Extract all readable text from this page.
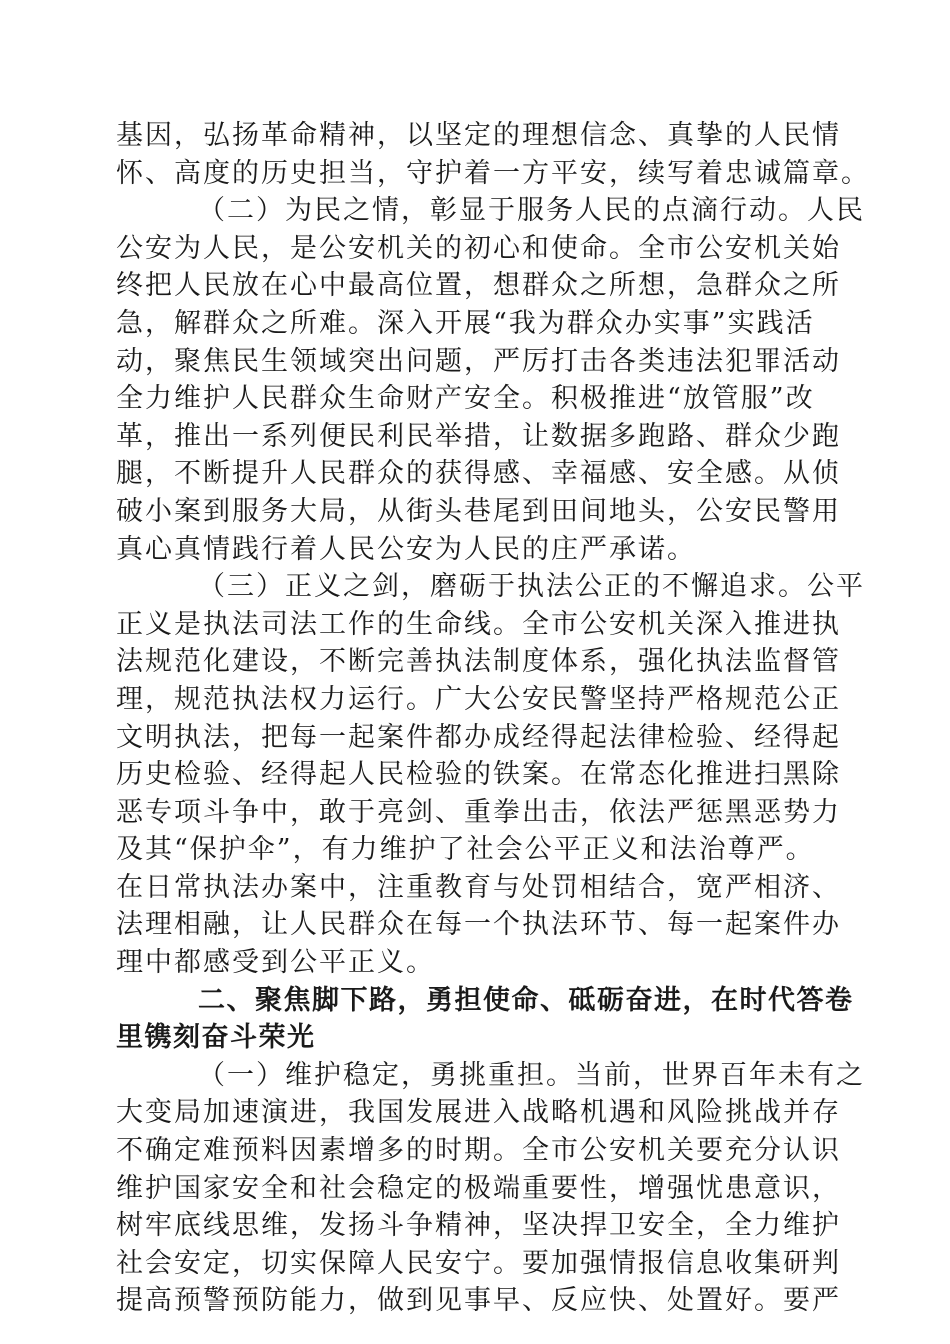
基因，弘扬革命精神，以坚定的理想信念、真挚的人民情
怀、高度的历史担当，守护着一方平安，续写着忠诚篇章。
（二）为民之情，彰显于服务人民的点滴行动。人民
公安为人民，是公安机关的初心和使命。全市公安机关始
终把人民放在心中最高位置，想群众之所想，急群众之所
急，解群众之所难。深入开展“我为群众办实事”实践活
动，聚焦民生领域突出问题，严厉打击各类违法犯罪活动
全力维护人民群众生命财产安全。积极推进“放管服”改
革，推出一系列便民利民举措，让数据多跑路、群众少跑
腿，不断提升人民群众的获得感、幸福感、安全感。从侦
破小案到服务大局，从街头巷尾到田间地头，公安民警用
真心真情践行着人民公安为人民的庄严承诺。
（三）正义之剑，磨砺于执法公正的不懈追求。公平
正义是执法司法工作的生命线。全市公安机关深入推进执
法规范化建设，不断完善执法制度体系，强化执法监督管
理，规范执法权力运行。广大公安民警坚持严格规范公正
文明执法，把每一起案件都办成经得起法律检验、经得起
历史检验、经得起人民检验的铁案。在常态化推进扫黑除
恶专项斗争中，敢于亮剑、重拳出击，依法严惩黑恶势力
及其“保护伞”，有力维护了社会公平正义和法治尊严。
在日常执法办案中，注重教育与处罚相结合，宽严相济、
法理相融，让人民群众在每一个执法环节、每一起案件办
理中都感受到公平正义。
二、聚焦脚下路，勇担使命、砥砺奋进，在时代答卷
里镌刻奋斗荣光
（一）维护稳定，勇挑重担。当前，世界百年未有之
大变局加速演进，我国发展进入战略机遇和风险挑战并存
不确定难预料因素增多的时期。全市公安机关要充分认识
维护国家安全和社会稳定的极端重要性，增强忧患意识，
树牢底线思维，发扬斗争精神，坚决捍卫安全，全力维护
社会安定，切实保障人民安宁。要加强情报信息收集研判
提高预警预防能力，做到见事早、反应快、处置好。要严
